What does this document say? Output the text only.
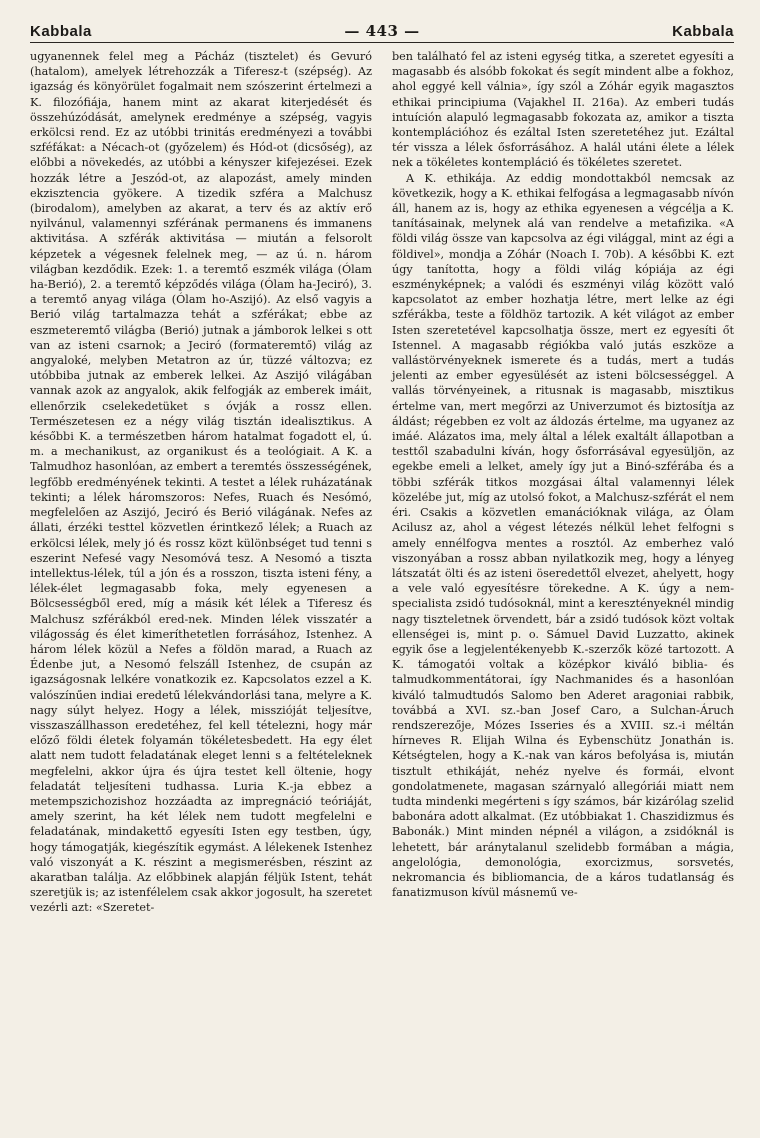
Kabbala	— 443 —	Kabbala

ugyanennek felel meg a Pácház (tisztelet) és Gevuró (hatalom), amelyek létrehozzák a Tiferesz-t (szépség). Az igazság és könyörület fogalmait nem szószerint értelmezi a K. filozófiája, hanem mint az akarat kiterjedését és összehúzódását, amelynek eredménye a szépség, vagyis erkölcsi rend. Ez az utóbbi trinitás eredményezi a további szféfákat: a Nécach-ot (győzelem) és Hód-ot (dicsőség), az előbbi a növekedés, az utóbbi a kényszer kifejezései. Ezek hozzák létre a Jeszód-ot, az alapozást, amely minden ekzisztencia gyökere. A tizedik szféra a Malchusz (birodalom), amelyben az akarat, a terv és az aktív erő nyilvánul, valamennyi szférának permanens és immanens aktivitása. A szférák aktivitása — miután a felsorolt képzetek a végesnek felelnek meg, — az ú. n. három világban kezdődik. Ezek: 1. a teremtő eszmék világa (Ólam ha-Berió), 2. a teremtő képződés világa (Ólam ha-Jeciró), 3. a teremtő anyag világa (Ólam ho-Aszijó). Az első vagyis a Berió világ tartalmazza tehát a szférákat; ebbe az eszmeteremtő világba (Berió) jutnak a jámborok lelkei s ott van az isteni csarnok; a Jeciró (formateremtő) világ az angyaloké, melyben Metatron az úr, tüzzé változva; ez utóbbiba jutnak az emberek lelkei. Az Aszijó világában vannak azok az angyalok, akik felfogják az emberek imáit, ellenőrzik cselekedetüket s óvják a rossz ellen. Természetesen ez a négy világ tisztán idealisztikus. A későbbi K. a természetben három hatalmat fogadott el, ú. m. a mechanikust, az organikust és a teológiait. A K. a Talmudhoz hasonlóan, az embert a teremtés összességének, legfőbb eredményének tekinti. A testet a lélek ruházatának tekinti; a lélek háromszoros: Nefes, Ruach és Nesómó, megfelelően az Aszijó, Jeciró és Berió világának. Nefes az állati, érzéki testtel közvetlen érintkező lélek; a Ruach az erkölcsi lélek, mely jó és rossz közt különbséget tud tenni s eszerint Nefesé vagy Nesomóvá tesz. A Nesomó a tiszta intellektus-lélek, túl a jón és a rosszon, tiszta isteni fény, a lélek-élet legmagasabb foka, mely egyenesen a Bölcsességből ered, míg a másik két lélek a Tiferesz és Malchusz szférákból ered-nek. Minden lélek visszatér a világosság és élet kimeríthetetlen forrásához, Istenhez. A három lélek közül a Nefes a földön marad, a Ruach az Édenbe jut, a Nesomó felszáll Istenhez, de csupán az igazságosnak lelkére vonatkozik ez. Kapcsolatos ezzel a K. valószínűen indiai eredetű lélekvándorlási tana, melyre a K. nagy súlyt helyez. Hogy a lélek, misszióját teljesítve, visszaszállhasson eredetéhez, fel kell tételezni, hogy már előző földi életek folyamán tökéletesbedett. Ha egy élet alatt nem tudott feladatának eleget lenni s a feltételeknek megfelelni, akkor újra és újra testet kell öltenie, hogy feladatát teljesíteni tudhassa. Luria K.-ja ebbez a metempszichozishoz hozzáadta az impregnáció teóriáját, amely szerint, ha két lélek nem tudott megfelelni e feladatának, mindakettő egyesíti Isten egy testben, úgy, hogy támogatják, kiegészítik egymást. A lélekenek Istenhez való viszonyát a K. részint a megismerésben, részint az akaratban találja. Az előbbinek alapján féljük Istent, tehát szeretjük is; az istenfélelem csak akkor jogosult, ha szeretet vezérli azt: «Szeretet-

ben található fel az isteni egység titka, a szeretet egyesíti a magasabb és alsóbb fokokat és segít mindent albe a fokhoz, ahol eggyé kell válnia», így szól a Zóhár egyik magasztos ethikai principiuma (Vajakhel II. 216a). Az emberi tudás intuíción alapuló legmagasabb fokozata az, amikor a tiszta kontemplációhoz és ezáltal Isten szeretetéhez jut. Ezáltal tér vissza a lélek ősforrásához. A halál utáni élete a lélek nek a tökéletes kontempláció és tökéletes szeretet.

A K. ethikája. Az eddig mondottakból nemcsak az következik, hogy a K. ethikai felfogása a legmagasabb nívón áll, hanem az is, hogy az ethika egyenesen a végcélja a K. tanításainak, melynek alá van rendelve a metafizika. «A földi világ össze van kapcsolva az égi világgal, mint az égi a földivel», mondja a Zóhár (Noach I. 70b). A későbbi K. ezt úgy tanította, hogy a földi világ kópiája az égi eszményképnek; a valódi és eszményi világ között való kapcsolatot az ember hozhatja létre, mert lelke az égi szférákba, teste a földhöz tartozik. A két világot az ember Isten szeretetével kapcsolhatja össze, mert ez egyesíti őt Istennel. A magasabb régiókba való jutás eszköze a vallástörvényeknek ismerete és a tudás, mert a tudás jelenti az ember egyesülését az isteni bölcsességgel. A vallás törvényeinek, a ritusnak is magasabb, misztikus értelme van, mert megőrzi az Univerzumot és biztosítja az áldást; régebben ez volt az áldozás értelme, ma ugyanez az imáé. Alázatos ima, mely által a lélek exaltált állapotban a testtől szabadulni kíván, hogy ősforrásával egyesüljön, az egekbe emeli a lelket, amely így jut a Binó-szférába és a többi szférák titkos mozgásai által valamennyi lélek közelébe jut, míg az utolsó fokot, a Malchusz-szférát el nem éri. Csakis a közvetlen emanációknak világa, az Ólam Acilusz az, ahol a végest létezés nélkül lehet felfogni s amely ennélfogva mentes a rosztól. Az emberhez való viszonyában a rossz abban nyilatkozik meg, hogy a lényeg látszatát ölti és az isteni öseredettől elvezet, ahelyett, hogy a vele való egyesítésre törekedne. A K. úgy a nem-specialista zsidó tudósoknál, mint a keresztényeknél mindig nagy tiszteletnek örvendett, bár a zsidó tudósok közt voltak ellenségei is, mint p. o. Sámuel David Luzzatto, akinek egyik őse a legjelentékenyebb K.-szerzők közé tartozott. A K. támogatói voltak a középkor kiváló biblia- és talmudkommentátorai, így Nachmanides és a hasonlóan kiváló talmudtudós Salomo ben Aderet aragoniai rabbik, továbbá a XVI. sz.-ban Josef Caro, a Sulchan-Áruch rendszerezője, Mózes Isseries és a XVIII. sz.-i méltán hírneves R. Elijah Wilna és Eybenschütz Jonathán is. Kétségtelen, hogy a K.-nak van káros befolyása is, miután tisztult ethikáját, nehéz nyelve és formái, elvont gondolatmenete, magasan szárnyaló allegóriái miatt nem tudta mindenki megérteni s így számos, bár kizárólag szelid babonára adott alkalmat. (Ez utóbbiakat 1. Chaszidizmus és Babonák.) Mint minden népnél a világon, a zsidóknál is lehetett, bár aránytalanul szelidebb formában a mágia, angelológia, demonológia, exorcizmus, sorsvetés, nekromancia és bibliomancia, de a káros tudatlanság és fanatizmuson kívül másnemű ve-
